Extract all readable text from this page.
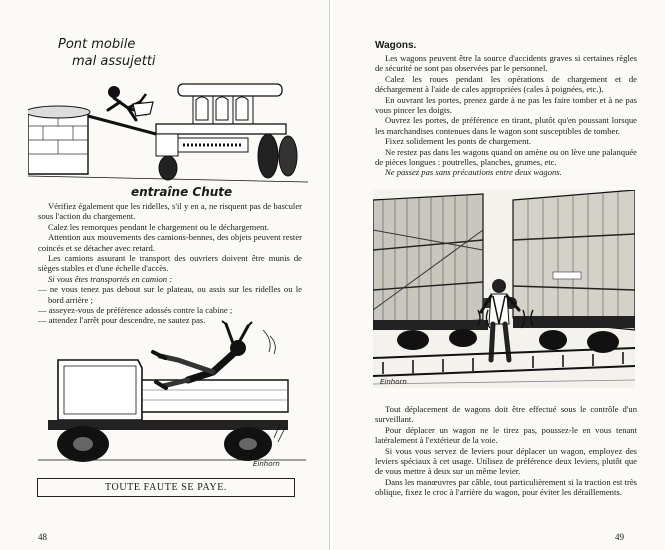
Pont mobile
mal assujetti
entraîne Chute

Vérifiez également que les ridelles, s'il y en a, ne risquent pas de basculer sous l'action du chargement.

Calez les remorques pendant le chargement ou le déchargement.

Attention aux mouvements des camions-bennes, des objets peuvent rester coincés et se détacher avec retard.

Les camions assurant le transport des ouvriers doivent être munis de sièges stables et d'une échelle d'accès.

Si vous êtes transportés en camion :

— ne vous tenez pas debout sur le plateau, ou assis sur les ridelles ou le bord arrière ;

— asseyez-vous de préférence adossés contre la cabine ;

— attendez l'arrêt pour descendre, ne sautez pas.

Einhorn
TOUTE FAUTE SE PAYE.
48
Wagons.

Les wagons peuvent être la source d'accidents graves si certaines règles de sécurité ne sont pas observées par le personnel.

Calez les roues pendant les opérations de chargement et de déchargement à l'aide de cales appropriées (cales à poignées, etc.).

En ouvrant les portes, prenez garde à ne pas les faire tomber et à ne pas vous pincer les doigts.

Ouvrez les portes, de préférence en tirant, plutôt qu'en poussant lorsque les marchandises contenues dans le wagon sont susceptibles de tomber.

Fixez solidement les ponts de chargement.

Ne restez pas dans les wagons quand on amène ou on lève une palanquée de pièces longues : poutrelles, planches, grumes, etc.

Ne passez pas sans précautions entre deux wagons.

Einhorn

Tout déplacement de wagons doit être effectué sous le contrôle d'un surveillant.

Pour déplacer un wagon ne le tirez pas, poussez-le en vous tenant latéralement à l'extérieur de la voie.

Si vous vous servez de leviers pour déplacer un wagon, employez des leviers spéciaux à cet usage. Utilisez de préférence deux leviers, plutôt que de vous mettre à deux sur un même levier.

Dans les manœuvres par câble, tout particulièrement si la traction est très oblique, fixez le croc à l'arrière du wagon, pour éviter les déraillements.

49
